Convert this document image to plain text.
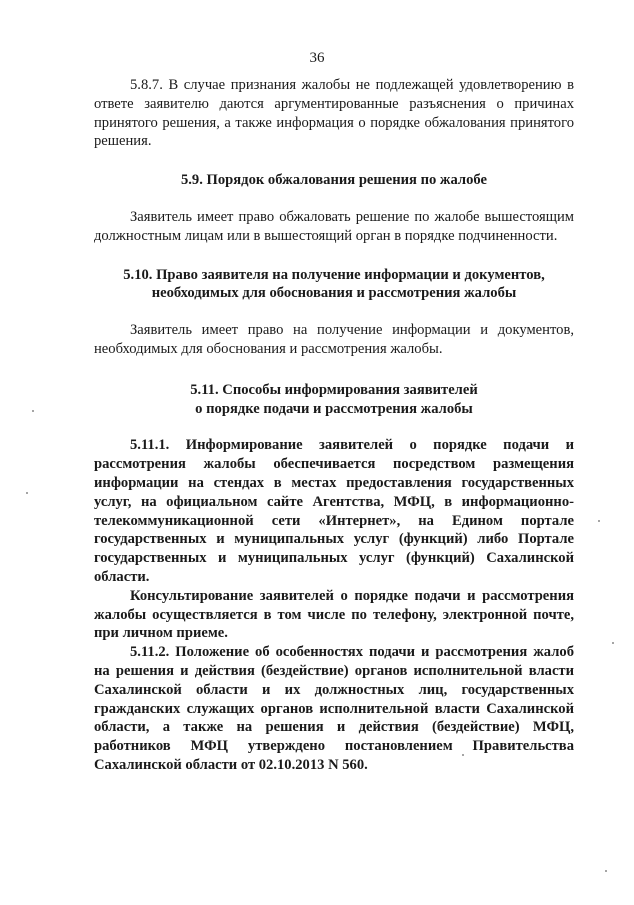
36

5.8.7. В случае признания жалобы не подлежащей удовлетворению в ответе заявителю даются аргументированные разъяснения о причинах принятого решения, а также информация о порядке обжалования принятого решения.

5.9. Порядок обжалования решения по жалобе

Заявитель имеет право обжаловать решение по жалобе вышестоящим должностным лицам или в вышестоящий орган в порядке подчиненности.

5.10. Право заявителя на получение информации и документов,

необходимых для обоснования и рассмотрения жалобы

Заявитель имеет право на получение информации и документов, необходимых для обоснования и рассмотрения жалобы.

5.11. Способы информирования заявителей

о порядке подачи и рассмотрения жалобы

5.11.1. Информирование заявителей о порядке подачи и рассмотрения жалобы обеспечивается посредством размещения информации на стендах в местах предоставления государственных услуг, на официальном сайте Агентства, МФЦ, в информационно-телекоммуникационной сети «Интернет», на Едином портале государственных и муниципальных услуг (функций) либо Портале государственных и муниципальных услуг (функций) Сахалинской области.

Консультирование заявителей о порядке подачи и рассмотрения жалобы осуществляется в том числе по телефону, электронной почте, при личном приеме.

5.11.2. Положение об особенностях подачи и рассмотрения жалоб на решения и действия (бездействие) органов исполнительной власти Сахалинской области и их должностных лиц, государственных гражданских служащих органов исполнительной власти Сахалинской области, а также на решения и действия (бездействие) МФЦ, работников МФЦ утверждено постановлением Правительства Сахалинской области от 02.10.2013 N 560.
